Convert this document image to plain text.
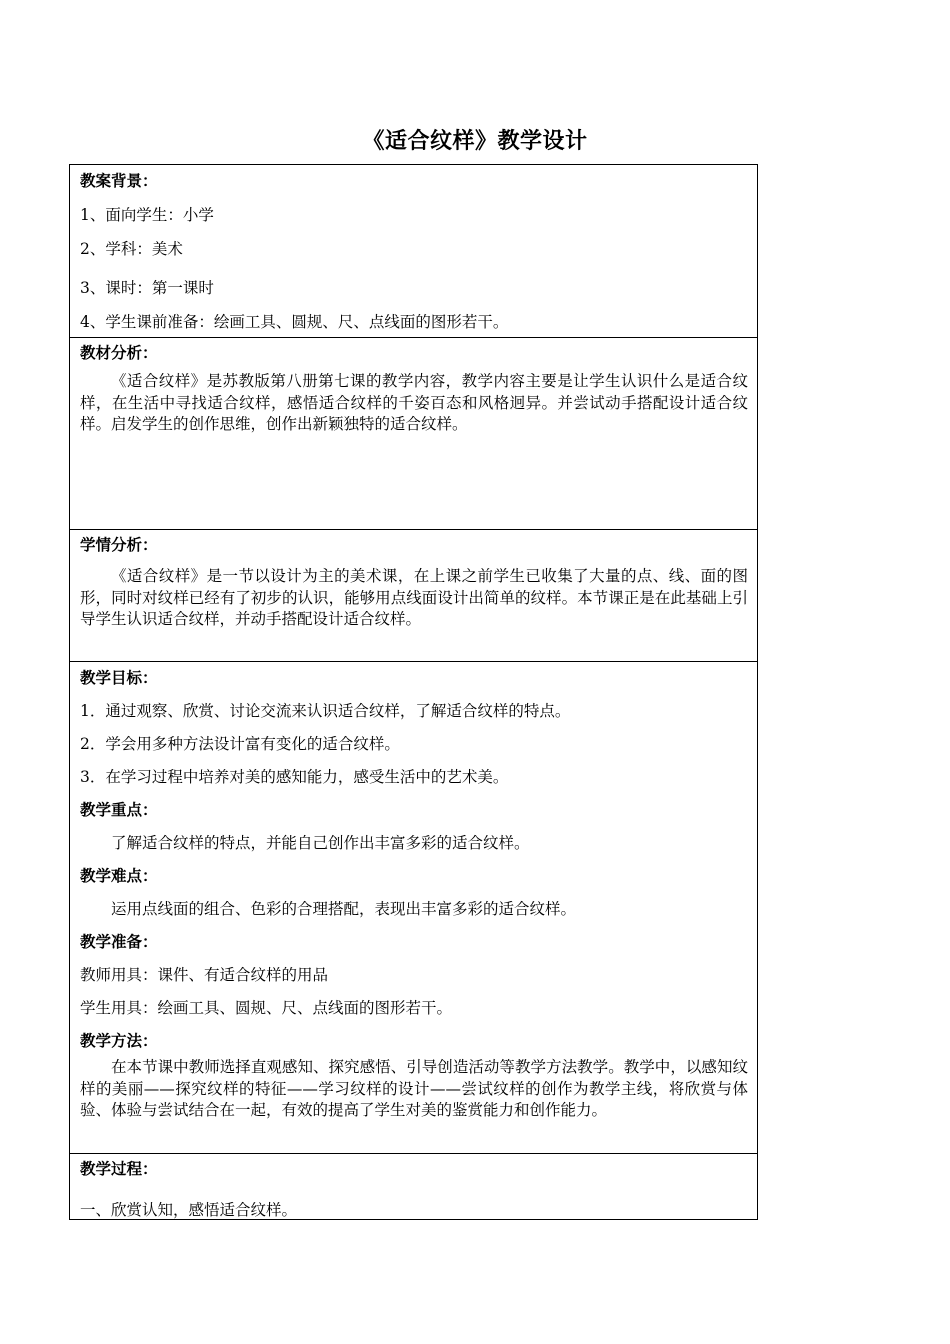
《适合纹样》教学设计

教案背景：

1、面向学生：小学

2、学科：美术

3、课时：第一课时

4、学生课前准备：绘画工具、圆规、尺、点线面的图形若干。

教材分析：

《适合纹样》是苏教版第八册第七课的教学内容，教学内容主要是让学生认识什么是适合纹样，在生活中寻找适合纹样，感悟适合纹样的千姿百态和风格迥异。并尝试动手搭配设计适合纹样。启发学生的创作思维，创作出新颖独特的适合纹样。

学情分析：

《适合纹样》是一节以设计为主的美术课，在上课之前学生已收集了大量的点、线、面的图形，同时对纹样已经有了初步的认识，能够用点线面设计出简单的纹样。本节课正是在此基础上引导学生认识适合纹样，并动手搭配设计适合纹样。

教学目标：

1．通过观察、欣赏、讨论交流来认识适合纹样，了解适合纹样的特点。

2．学会用多种方法设计富有变化的适合纹样。

3．在学习过程中培养对美的感知能力，感受生活中的艺术美。

教学重点：

了解适合纹样的特点，并能自己创作出丰富多彩的适合纹样。

教学难点：

运用点线面的组合、色彩的合理搭配，表现出丰富多彩的适合纹样。

教学准备：

教师用具：课件、有适合纹样的用品

学生用具：绘画工具、圆规、尺、点线面的图形若干。

教学方法：

在本节课中教师选择直观感知、探究感悟、引导创造活动等教学方法教学。教学中，以感知纹样的美丽——探究纹样的特征——学习纹样的设计——尝试纹样的创作为教学主线，将欣赏与体验、体验与尝试结合在一起，有效的提高了学生对美的鉴赏能力和创作能力。

教学过程：

一、欣赏认知，感悟适合纹样。
